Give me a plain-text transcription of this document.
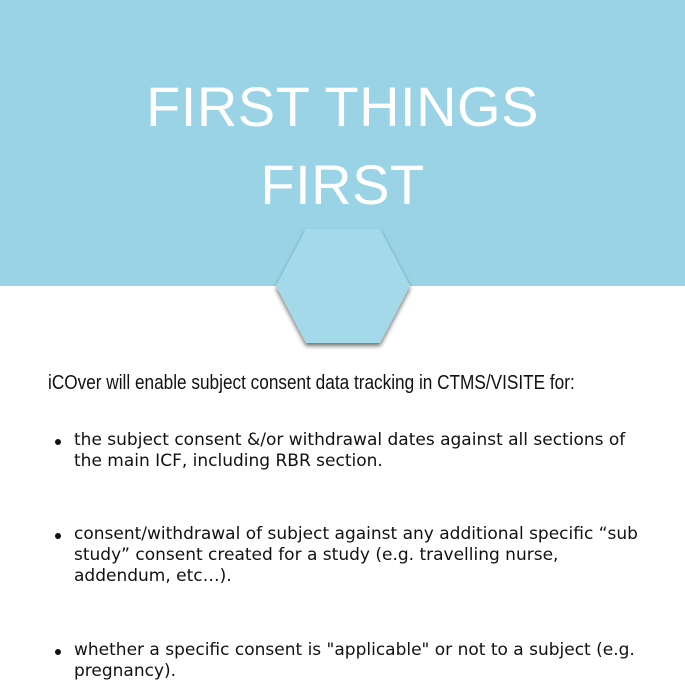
FIRST THINGS
FIRST
iCOver will enable subject consent data tracking in CTMS/VISITE for:
the subject consent &/or withdrawal dates against all sections of the main ICF, including RBR section.
consent/withdrawal of subject against any additional specific “sub study” consent created for a study (e.g. travelling nurse, addendum, etc…).
whether a specific consent is "applicable" or not to a subject (e.g. pregnancy).
